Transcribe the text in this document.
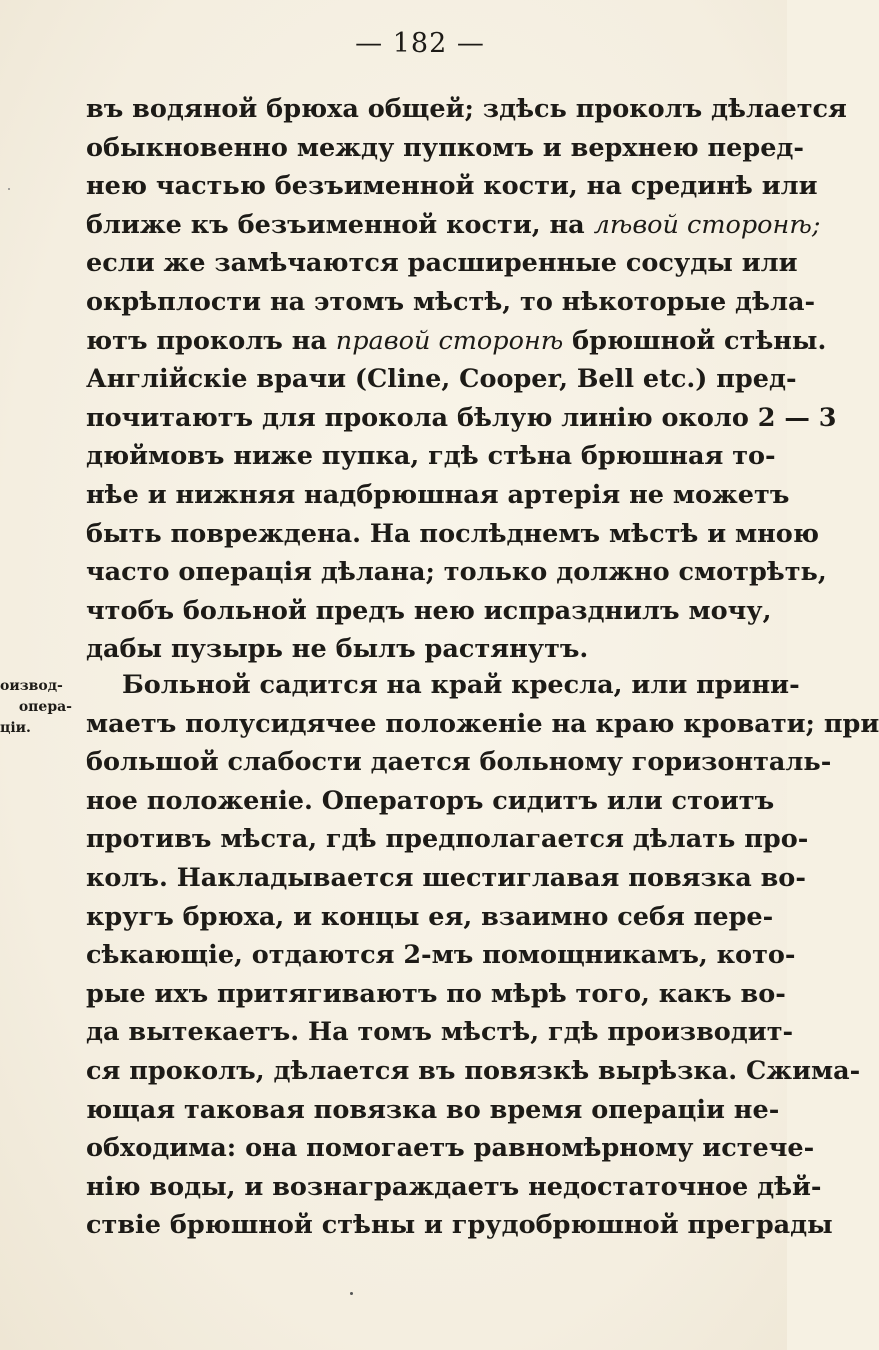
— 182 —
оизвод-
опера-
ціи.
въ водяной брюха общей; здѣсь проколъ дѣлается
обыкновенно между пупкомъ и верхнею перед-
нею частью безъименной кости, на срединѣ или
ближе къ безъименной кости, на лѣвой сторонѣ;
если же замѣчаются расширенные сосуды или
окрѣплости на этомъ мѣстѣ, то нѣкоторые дѣла-
ютъ проколъ на правой сторонѣ брюшной стѣны.
Англійскіе врачи (Cline, Cooper, Bell etc.) пред-
почитаютъ для прокола бѣлую линію около 2 — 3
дюймовъ ниже пупка, гдѣ стѣна брюшная то-
нѣе и нижняя надбрюшная артерія не можетъ
быть повреждена. На послѣднемъ мѣстѣ и мною
часто операція дѣлана; только должно смотрѣть,
чтобъ больной предъ нею испразднилъ мочу,
дабы пузырь не былъ растянутъ.
Больной садится на край кресла, или прини-
маетъ полусидячее положеніе на краю кровати; при
большой слабости дается больному горизонталь-
ное положеніе. Операторъ сидитъ или стоитъ
противъ мѣста, гдѣ предполагается дѣлать про-
колъ. Накладывается шестиглавая повязка во-
кругъ брюха, и концы ея, взаимно себя пере-
сѣкающіе, отдаются 2-мъ помощникамъ, кото-
рые ихъ притягиваютъ по мѣрѣ того, какъ во-
да вытекаетъ. На томъ мѣстѣ, гдѣ производит-
ся проколъ, дѣлается въ повязкѣ вырѣзка. Сжима-
ющая таковая повязка во время операціи не-
обходима: она помогаетъ равномѣрному истече-
нію воды, и вознаграждаетъ недостаточное дѣй-
ствіе брюшной стѣны и грудобрюшной преграды
